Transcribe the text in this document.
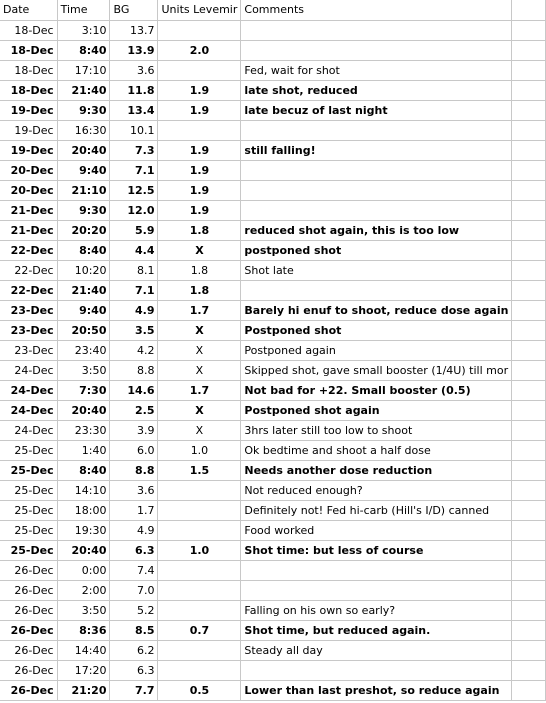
Date	Time	BG	Units Levemir	Comments	
18-Dec	3:10	13.7			
18-Dec	8:40	13.9	2.0		
18-Dec	17:10	3.6		Fed, wait for shot	
18-Dec	21:40	11.8	1.9	late shot, reduced	
19-Dec	9:30	13.4	1.9	late becuz of last night	
19-Dec	16:30	10.1			
19-Dec	20:40	7.3	1.9	still falling!	
20-Dec	9:40	7.1	1.9		
20-Dec	21:10	12.5	1.9		
21-Dec	9:30	12.0	1.9		
21-Dec	20:20	5.9	1.8	reduced shot again, this is too low	
22-Dec	8:40	4.4	X	postponed shot	
22-Dec	10:20	8.1	1.8	Shot late	
22-Dec	21:40	7.1	1.8		
23-Dec	9:40	4.9	1.7	Barely hi enuf to shoot, reduce dose again	
23-Dec	20:50	3.5	X	Postponed shot	
23-Dec	23:40	4.2	X	Postponed again	
24-Dec	3:50	8.8	X	Skipped shot, gave small booster (1/4U) till mor	
24-Dec	7:30	14.6	1.7	Not bad for +22. Small booster (0.5)	
24-Dec	20:40	2.5	X	Postponed shot again	
24-Dec	23:30	3.9	X	3hrs later still too low to shoot	
25-Dec	1:40	6.0	1.0	Ok bedtime and shoot a half dose	
25-Dec	8:40	8.8	1.5	Needs another dose reduction	
25-Dec	14:10	3.6		Not reduced enough?	
25-Dec	18:00	1.7		Definitely not! Fed hi-carb (Hill's I/D) canned	
25-Dec	19:30	4.9		Food worked	
25-Dec	20:40	6.3	1.0	Shot time: but less of course	
26-Dec	0:00	7.4			
26-Dec	2:00	7.0			
26-Dec	3:50	5.2		Falling on his own so early?	
26-Dec	8:36	8.5	0.7	Shot time, but reduced again.	
26-Dec	14:40	6.2		Steady all day	
26-Dec	17:20	6.3			
26-Dec	21:20	7.7	0.5	Lower than last preshot, so reduce again	
